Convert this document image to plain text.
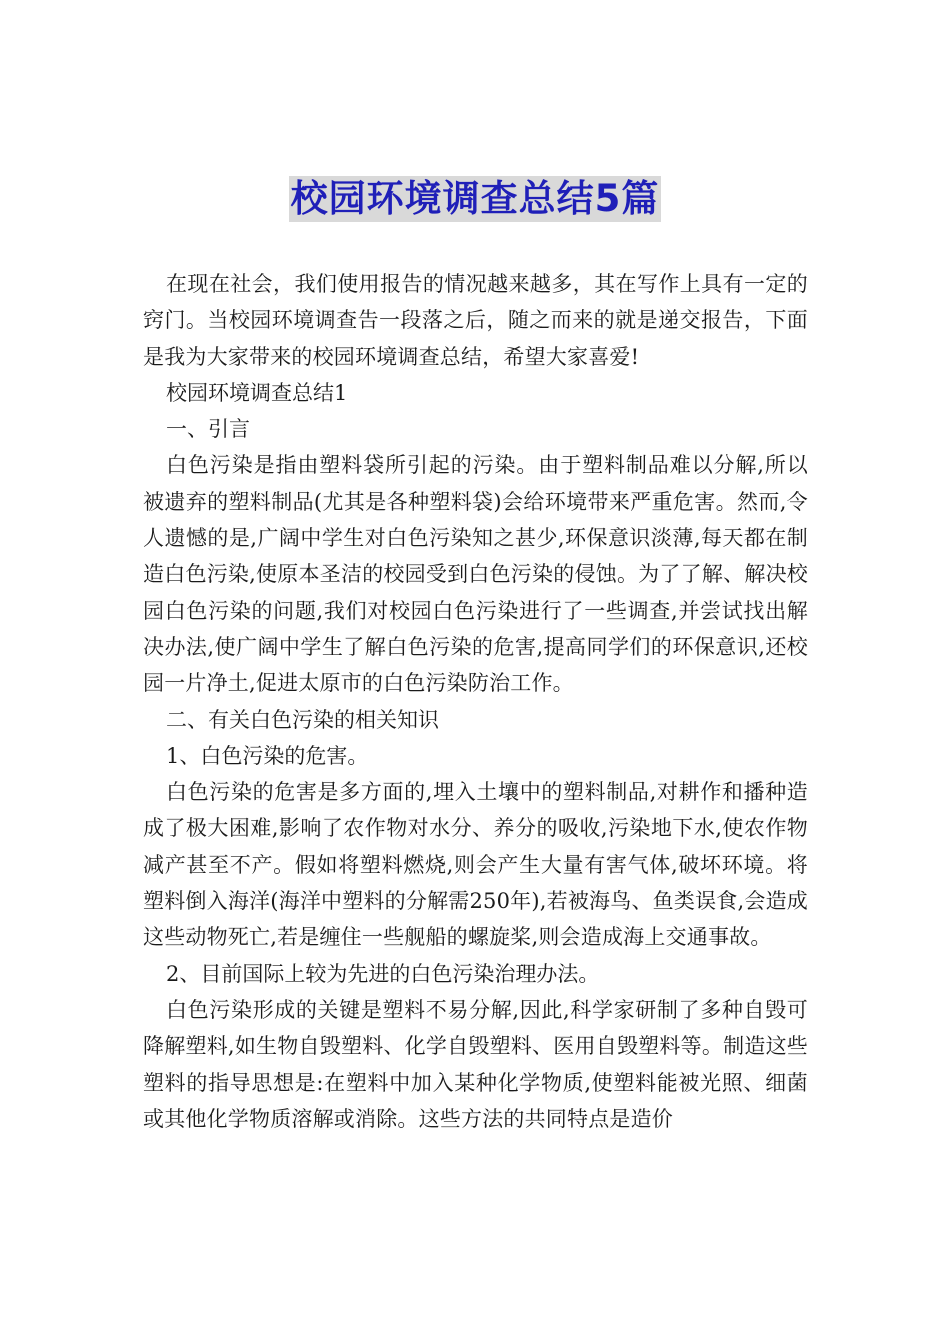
校园环境调查总结5篇

在现在社会，我们使用报告的情况越来越多，其在写作上具有一定的窍门。当校园环境调查告一段落之后，随之而来的就是递交报告，下面是我为大家带来的校园环境调查总结，希望大家喜爱!

校园环境调查总结1

一、引言

白色污染是指由塑料袋所引起的污染。由于塑料制品难以分解,所以被遗弃的塑料制品(尤其是各种塑料袋)会给环境带来严重危害。然而,令人遗憾的是,广阔中学生对白色污染知之甚少,环保意识淡薄,每天都在制造白色污染,使原本圣洁的校园受到白色污染的侵蚀。为了了解、解决校园白色污染的问题,我们对校园白色污染进行了一些调查,并尝试找出解决办法,使广阔中学生了解白色污染的危害,提高同学们的环保意识,还校园一片净土,促进太原市的白色污染防治工作。

二、有关白色污染的相关知识

1、白色污染的危害。

白色污染的危害是多方面的,埋入土壤中的塑料制品,对耕作和播种造成了极大困难,影响了农作物对水分、养分的吸收,污染地下水,使农作物减产甚至不产。假如将塑料燃烧,则会产生大量有害气体,破坏环境。将塑料倒入海洋(海洋中塑料的分解需250年),若被海鸟、鱼类误食,会造成这些动物死亡,若是缠住一些舰船的螺旋桨,则会造成海上交通事故。

2、目前国际上较为先进的白色污染治理办法。

白色污染形成的关键是塑料不易分解,因此,科学家研制了多种自毁可降解塑料,如生物自毁塑料、化学自毁塑料、医用自毁塑料等。制造这些塑料的指导思想是:在塑料中加入某种化学物质,使塑料能被光照、细菌或其他化学物质溶解或消除。这些方法的共同特点是造价
